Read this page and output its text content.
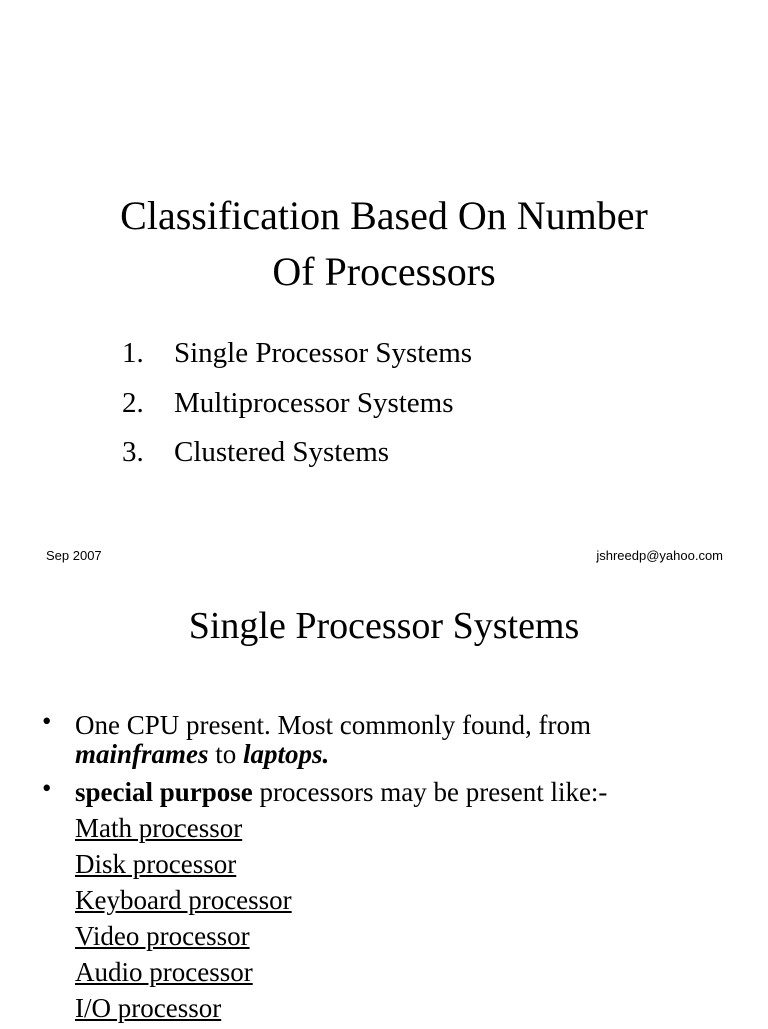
Classification Based On Number
Of Processors
1. Single Processor Systems
2. Multiprocessor Systems
3. Clustered Systems
Sep 2007	jshreedp@yahoo.com
Single Processor Systems
• One CPU present. Most commonly found, from
mainframes to laptops.
• special purpose processors may be present like:-
Math processor
Disk processor
Keyboard processor
Video processor
Audio processor
I/O processor
